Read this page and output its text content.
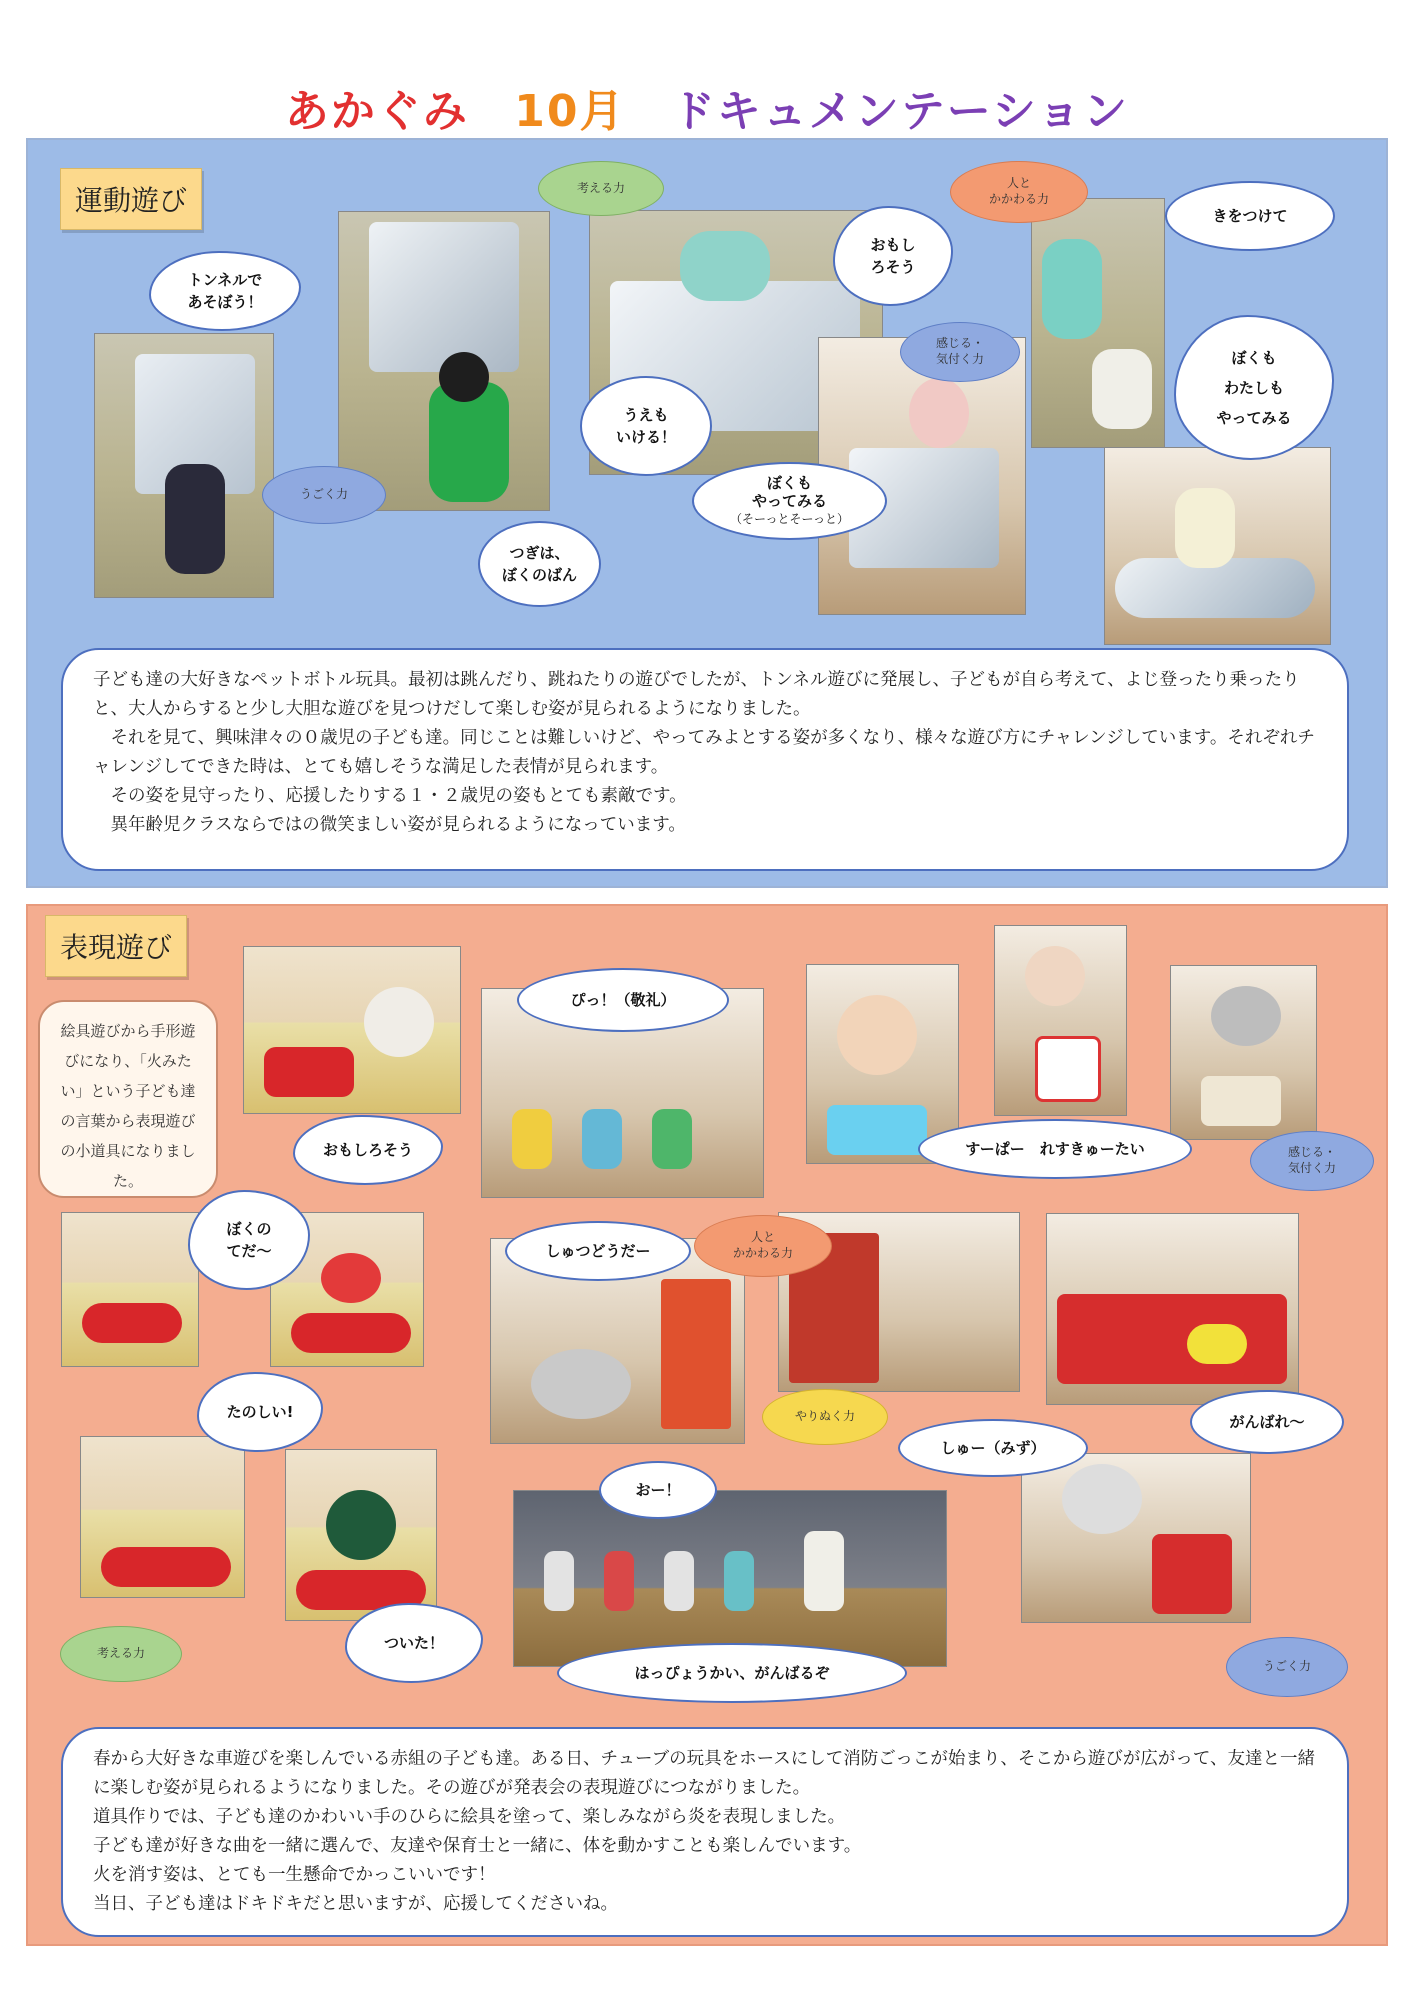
あかぐみ 10月 ドキュメンテーション
運動遊び
トンネルで
あそぼう！
つぎは、
ぼくのばん
おもし
ろそう
うえも
いける！
ぼくも
やってみる
（そーっとそーっと）
きをつけて
ぼくも
わたしも
やってみる
考える力	人と
かかわる力
感じる・
気付く力
うごく力

子ども達の大好きなペットボトル玩具。最初は跳んだり、跳ねたりの遊びでしたが、トンネル遊びに発展し、子どもが自ら考えて、よじ登ったり乗ったりと、大人からすると少し大胆な遊びを見つけだして楽しむ姿が見られるようになりました。

それを見て、興味津々の０歳児の子ども達。同じことは難しいけど、やってみよとする姿が多くなり、様々な遊び方にチャレンジしています。それぞれチャレンジしてできた時は、とても嬉しそうな満足した表情が見られます。

その姿を見守ったり、応援したりする１・２歳児の姿もとても素敵です。

異年齢児クラスならではの微笑ましい姿が見られるようになっています。

表現遊び
絵具遊びから手形遊びになり、「火みたい」という子ども達の言葉から表現遊びの小道具になりました。
おもしろそう
ぴっ！（敬礼）
すーぱー　れすきゅーたい
ぼくの
てだ～	しゅつどうだー
たのしい!
がんばれ～
しゅー（みず）
おー！
ついた！
はっぴょうかい、がんばるぞ
感じる・
気付く力
人と
かかわる力
やりぬく力
考える力
うごく力

春から大好きな車遊びを楽しんでいる赤組の子ども達。ある日、チューブの玩具をホースにして消防ごっこが始まり、そこから遊びが広がって、友達と一緒に楽しむ姿が見られるようになりました。その遊びが発表会の表現遊びにつながりました。

道具作りでは、子ども達のかわいい手のひらに絵具を塗って、楽しみながら炎を表現しました。

子ども達が好きな曲を一緒に選んで、友達や保育士と一緒に、体を動かすことも楽しんでいます。

火を消す姿は、とても一生懸命でかっこいいです！

当日、子ども達はドキドキだと思いますが、応援してくださいね。
